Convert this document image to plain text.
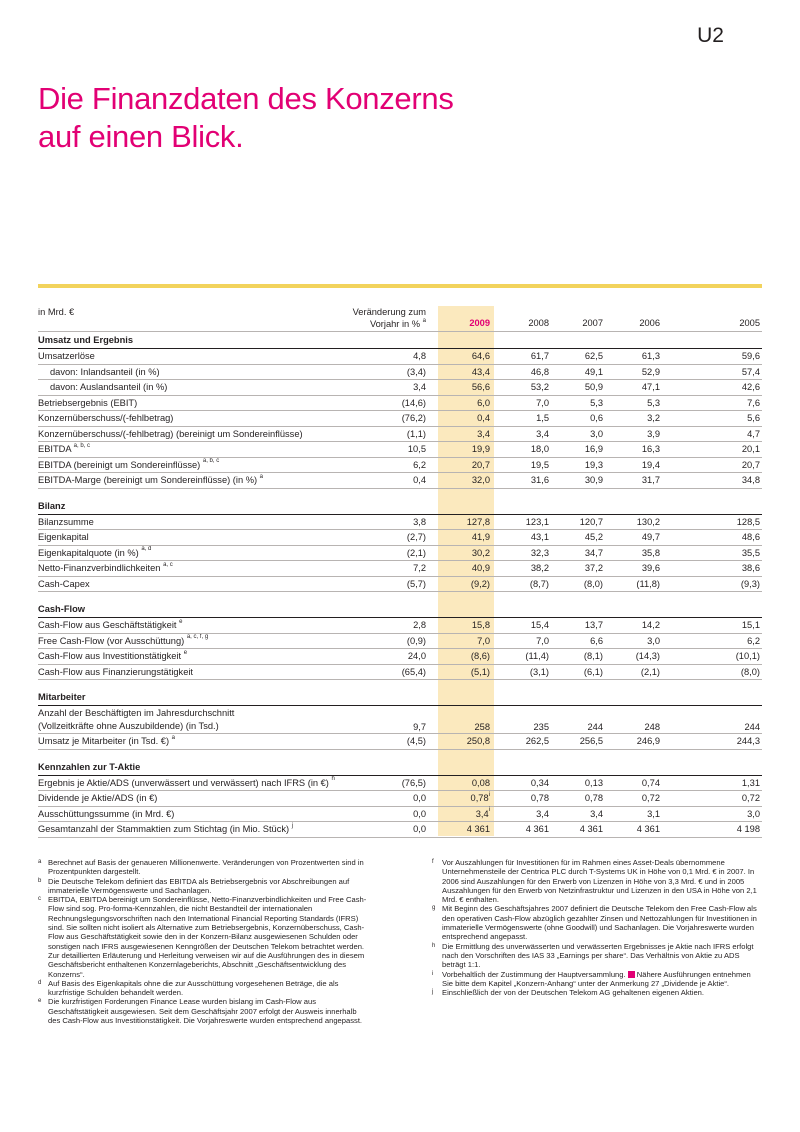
U2
Die Finanzdaten des Konzerns
auf einen Blick.
in Mrd. €	Veränderung zum
Vorjahr in % $^a$	2009	2008	2007	2006	2005
Umsatz und Ergebnis
Umsatzerlöse	4,8	64,6	61,7	62,5	61,3	59,6
davon: Inlandsanteil (in %)	(3,4)	43,4	46,8	49,1	52,9	57,4
davon: Auslandsanteil (in %)	3,4	56,6	53,2	50,9	47,1	42,6
Betriebsergebnis (EBIT)	(14,6)	6,0	7,0	5,3	5,3	7,6
Konzernüberschuss/(-fehlbetrag)	(76,2)	0,4	1,5	0,6	3,2	5,6
Konzernüberschuss/(-fehlbetrag) (bereinigt um Sondereinflüsse)	(1,1)	3,4	3,4	3,0	3,9	4,7
EBITDA $^{a, b, c}$	10,5	19,9	18,0	16,9	16,3	20,1
EBITDA (bereinigt um Sondereinflüsse) $^{a, b, c}$	6,2	20,7	19,5	19,3	19,4	20,7
EBITDA-Marge (bereinigt um Sondereinflüsse) (in %) $^a$	0,4	32,0	31,6	30,9	31,7	34,8
Bilanz
Bilanzsumme	3,8	127,8	123,1	120,7	130,2	128,5
Eigenkapital	(2,7)	41,9	43,1	45,2	49,7	48,6
Eigenkapitalquote (in %) $^{a, d}$	(2,1)	30,2	32,3	34,7	35,8	35,5
Netto-Finanzverbindlichkeiten $^{a, c}$	7,2	40,9	38,2	37,2	39,6	38,6
Cash-Capex	(5,7)	(9,2)	(8,7)	(8,0)	(11,8)	(9,3)
Cash-Flow
Cash-Flow aus Geschäftstätigkeit $^e$	2,8	15,8	15,4	13,7	14,2	15,1
Free Cash-Flow (vor Ausschüttung) $^{a, c, f, g}$	(0,9)	7,0	7,0	6,6	3,0	6,2
Cash-Flow aus Investitionstätigkeit $^e$	24,0	(8,6)	(11,4)	(8,1)	(14,3)	(10,1)
Cash-Flow aus Finanzierungstätigkeit	(65,4)	(5,1)	(3,1)	(6,1)	(2,1)	(8,0)
Mitarbeiter
Anzahl der Beschäftigten im Jahresdurchschnitt
(Vollzeitkräfte ohne Auszubildende) (in Tsd.)	9,7	258	235	244	248	244
Umsatz je Mitarbeiter (in Tsd. €) $^a$	(4,5)	250,8	262,5	256,5	246,9	244,3
Kennzahlen zur T-Aktie
Ergebnis je Aktie/ADS (unverwässert und verwässert) nach IFRS (in €) $^h$	(76,5)	0,08	0,34	0,13	0,74	1,31
Dividende je Aktie/ADS (in €)	0,0	0,78$^i$	0,78	0,78	0,72	0,72
Ausschüttungssumme (in Mrd. €)	0,0	3,4$^i$	3,4	3,4	3,1	3,0
Gesamtanzahl der Stammaktien zum Stichtag (in Mio. Stück) $^j$	0,0	4 361	4 361	4 361	4 361	4 198
a Berechnet auf Basis der genaueren Millionenwerte. Veränderungen von Prozentwerten sind in Prozentpunkten dargestellt.
b Die Deutsche Telekom definiert das EBITDA als Betriebsergebnis vor Abschreibungen auf immaterielle Vermögenswerte und Sachanlagen.
c EBITDA, EBITDA bereinigt um Sondereinflüsse, Netto-Finanzverbindlichkeiten und Free Cash-Flow sind sog. Pro-forma-Kennzahlen, die nicht Bestandteil der internationalen Rechnungslegungsvorschriften nach den International Financial Reporting Standards (IFRS) sind. Sie sollten nicht isoliert als Alternative zum Betriebsergebnis, Konzernüberschuss, Cash-Flow aus Geschäftstätigkeit sowie den in der Konzern-Bilanz ausgewiesenen Schulden oder sonstigen nach IFRS ausgewiesenen Kenngrößen der Deutschen Telekom betrachtet werden. Zur detaillierten Erläuterung und Herleitung verweisen wir auf die Ausführungen des in diesem Geschäftsbericht enthaltenen Konzernlageberichts, Abschnitt „Geschäftsentwicklung des Konzerns“.
d Auf Basis des Eigenkapitals ohne die zur Ausschüttung vorgesehenen Beträge, die als kurzfristige Schulden behandelt werden.
e Die kurzfristigen Forderungen Finance Lease wurden bislang im Cash-Flow aus Geschäftstätigkeit ausgewiesen. Seit dem Geschäftsjahr 2007 erfolgt der Ausweis innerhalb des Cash-Flow aus Investitionstätigkeit. Die Vorjahreswerte wurden entsprechend angepasst.
f	Vor Auszahlungen für Investitionen für im Rahmen eines Asset-Deals übernommene Unternehmensteile der Centrica PLC durch T-Systems UK in Höhe von 0,1 Mrd. € in 2007. In 2006 sind Auszahlungen für den Erwerb von Lizenzen in Höhe von 3,3 Mrd. € und in 2005 Auszahlungen für den Erwerb von Netzinfrastruktur und Lizenzen in den USA in Höhe von 2,1 Mrd. € enthalten.
g Mit Beginn des Geschäftsjahres 2007 definiert die Deutsche Telekom den Free Cash-Flow als den operativen Cash-Flow abzüglich gezahlter Zinsen und Nettozahlungen für Investitionen in immaterielle Vermögenswerte (ohne Goodwill) und Sachanlagen. Die Vorjahreswerte wurden entsprechend angepasst.
h Die Ermittlung des unverwässerten und verwässerten Ergebnisses je Aktie nach IFRS erfolgt nach den Vorschriften des IAS 33 „Earnings per share“. Das Verhältnis von Aktie zu ADS beträgt 1:1.
i	Vorbehaltlich der Zustimmung der Hauptversammlung. Nähere Ausführungen entnehmen Sie bitte dem Kapitel „Konzern-Anhang“ unter der Anmerkung 27 „Dividende je Aktie“.
j	Einschließlich der von der Deutschen Telekom AG gehaltenen eigenen Aktien.
